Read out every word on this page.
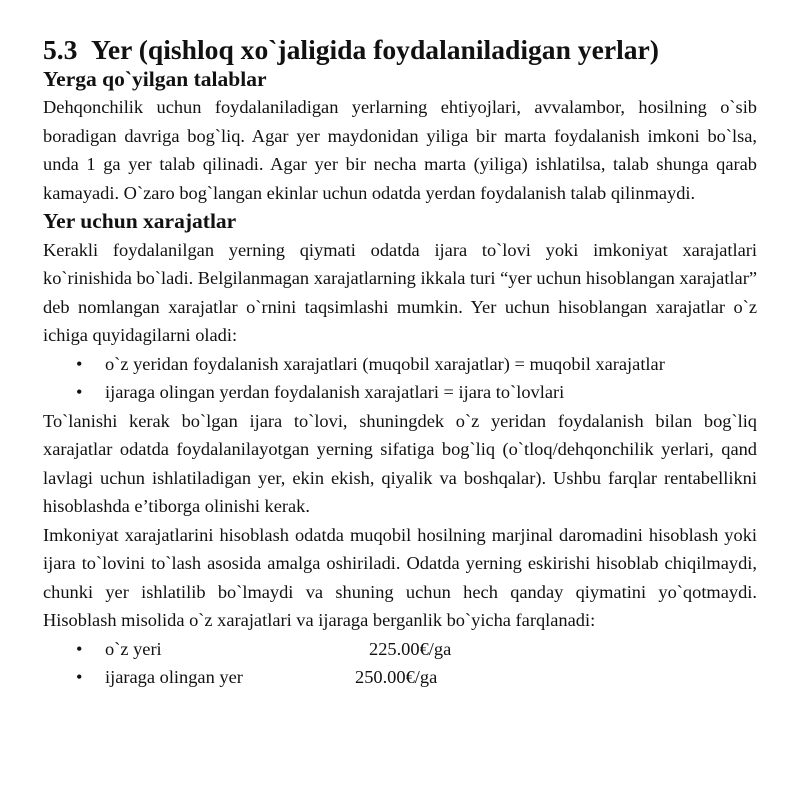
5.3 Yer (qishloq xo`jaligida foydalaniladigan yerlar)
Yerga qo`yilgan talablar

Dehqonchilik uchun foydalaniladigan yerlarning ehtiyojlari, avvalambor, hosilning o`sib boradigan davriga bog`liq. Agar yer maydonidan yiliga bir marta foydalanish imkoni bo`lsa, unda 1 ga yer talab qilinadi. Agar yer bir necha marta (yiliga) ishlatilsa, talab shunga qarab kamayadi. O`zaro bog`langan ekinlar uchun odatda yerdan foydalanish talab qilinmaydi.

Yer uchun xarajatlar

Kerakli foydalanilgan yerning qiymati odatda ijara to`lovi yoki imkoniyat xarajatlari ko`rinishida bo`ladi. Belgilanmagan xarajatlarning ikkala turi “yer uchun hisoblangan xarajatlar” deb nomlangan xarajatlar o`rnini taqsimlashi mumkin. Yer uchun hisoblangan xarajatlar o`z ichiga quyidagilarni oladi:

• o`z yeridan foydalanish xarajatlari (muqobil xarajatlar) = muqobil xarajatlar
• ijaraga olingan yerdan foydalanish xarajatlari = ijara to`lovlari

To`lanishi kerak bo`lgan ijara to`lovi, shuningdek o`z yeridan foydalanish bilan bog`liq xarajatlar odatda foydalanilayotgan yerning sifatiga bog`liq (o`tloq/dehqonchilik yerlari, qand lavlagi uchun ishlatiladigan yer, ekin ekish, qiyalik va boshqalar). Ushbu farqlar rentabellikni hisoblashda e’tiborga olinishi kerak.

Imkoniyat xarajatlarini hisoblash odatda muqobil hosilning marjinal daromadini hisoblash yoki ijara to`lovini to`lash asosida amalga oshiriladi. Odatda yerning eskirishi hisoblab chiqilmaydi, chunki yer ishlatilib bo`lmaydi va shuning uchun hech qanday qiymatini yo`qotmaydi. Hisoblash misolida o`z xarajatlari va ijaraga berganlik bo`yicha farqlanadi:

• o`z yeri	225.00€/ga
• ijaraga olingan yer	250.00€/ga
